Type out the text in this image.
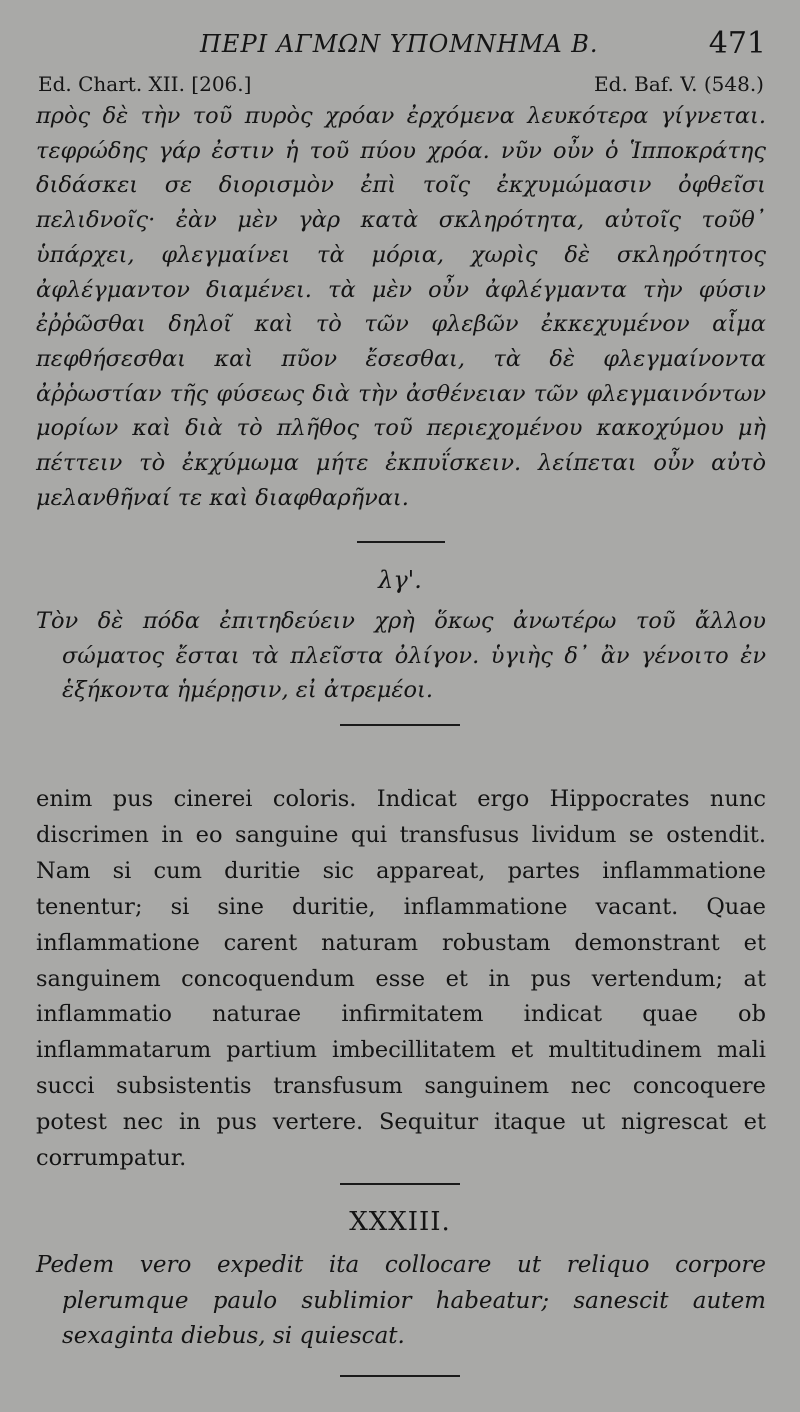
ΠΕΡΙ ΑΓΜΩΝ ΥΠΟΜΝΗΜΑ Β.	471
Ed. Chart. XII. [206.]	Ed. Baf. V. (548.)
πρὸς δὲ τὴν τοῦ πυρὸς χρόαν ἐρχόμενα λευκότερα γίγνεται. τεφρώδης γάρ ἐστιν ἡ τοῦ πύου χρόα. νῦν οὖν ὁ Ἱπποκράτης διδάσκει σε διορισμὸν ἐπὶ τοῖς ἐκχυμώμασιν ὀφθεῖσι πελιδνοῖς· ἐὰν μὲν γὰρ κατὰ σκληρότητα, αὐτοῖς τοῦθ᾽ ὑπάρχει, φλεγμαίνει τὰ μόρια, χωρὶς δὲ σκληρότητος ἀφλέγμαντον διαμένει. τὰ μὲν οὖν ἀφλέγμαντα τὴν φύσιν ἐῤῥῶσθαι δηλοῖ καὶ τὸ τῶν φλεβῶν ἐκκεχυμένον αἷμα πεφθήσεσθαι καὶ πῦον ἔσεσθαι, τὰ δὲ φλεγμαίνοντα ἀῤῥωστίαν τῆς φύσεως διὰ τὴν ἀσθένειαν τῶν φλεγμαινόντων μορίων καὶ διὰ τὸ πλῆθος τοῦ περιεχομένου κακοχύμου μὴ πέττειν τὸ ἐκχύμωμα μήτε ἐκπυΐσκειν. λείπεται οὖν αὐτὸ μελανθῆναί τε καὶ διαφθαρῆναι.
λγ'.
Τὸν δὲ πόδα ἐπιτηδεύειν χρὴ ὅκως ἀνωτέρω τοῦ ἄλλου σώματος ἔσται τὰ πλεῖστα ὀλίγον. ὑγιὴς δ᾽ ἂν γένοιτο ἐν ἑξήκοντα ἡμέρῃσιν, εἰ ἀτρεμέοι.
enim pus cinerei coloris. Indicat ergo Hippocrates nunc discrimen in eo sanguine qui transfusus lividum se ostendit. Nam si cum duritie sic appareat, partes inflammatione tenentur; si sine duritie, inflammatione vacant. Quae inflammatione carent naturam robustam demonstrant et sanguinem concoquendum esse et in pus vertendum; at inflammatio naturae infirmitatem indicat quae ob inflammatarum partium imbecillitatem et multitudinem mali succi subsistentis transfusum sanguinem nec concoquere potest nec in pus vertere. Sequitur itaque ut nigrescat et corrumpatur.
XXXIII.
Pedem vero expedit ita collocare ut reliquo corpore plerumque paulo sublimior habeatur; sanescit autem sexaginta diebus, si quiescat.
